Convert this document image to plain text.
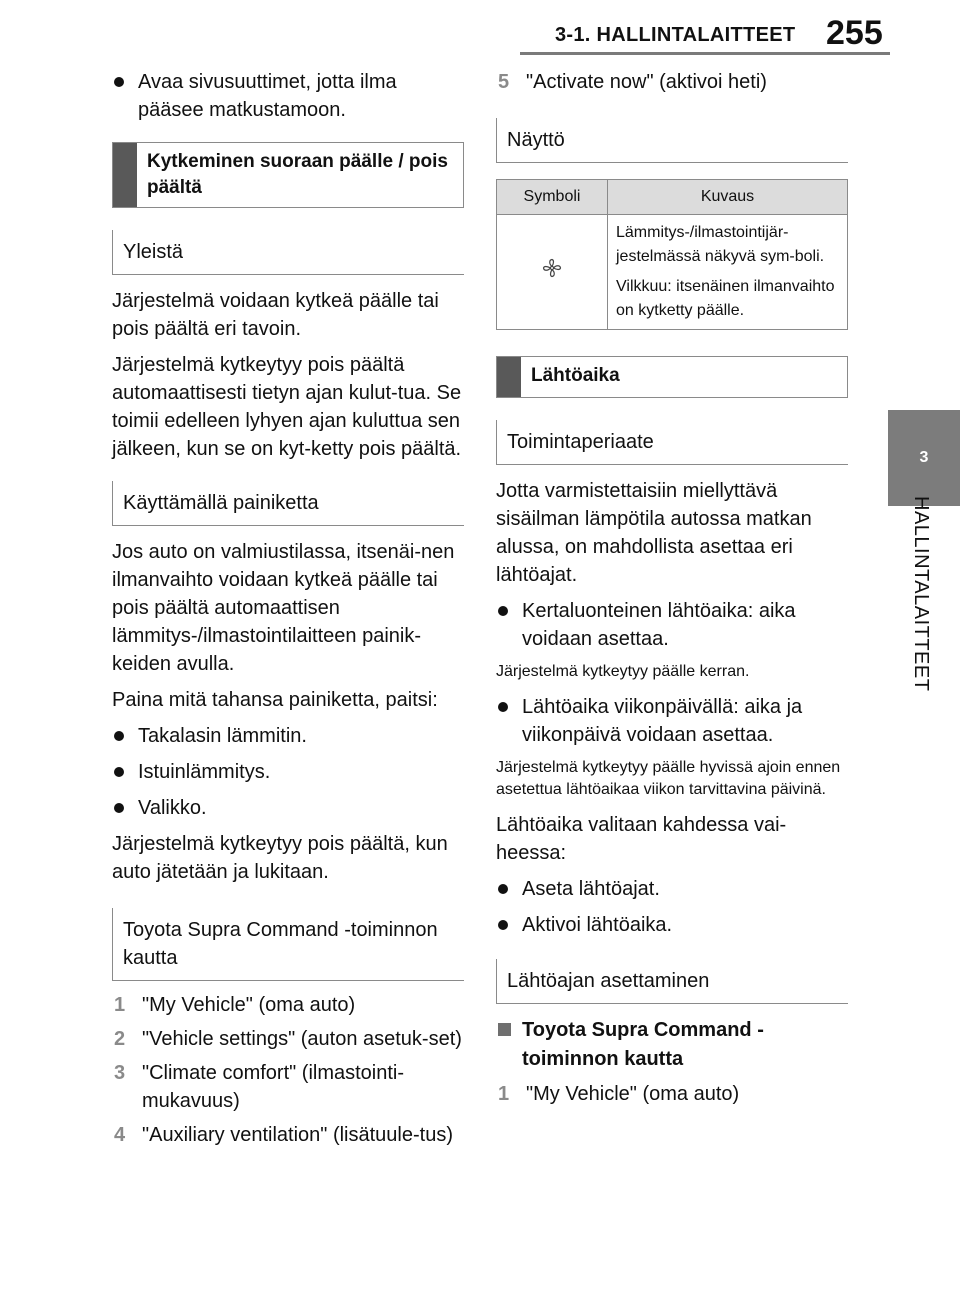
3-1. HALLINTALAITTEET 255
3
HALLINTALAITTEET
Avaa sivusuuttimet, jotta ilma pääsee matkustamoon.
Kytkeminen suoraan päälle / pois päältä
Yleistä

Järjestelmä voidaan kytkeä päälle tai pois päältä eri tavoin.

Järjestelmä kytkeytyy pois päältä automaattisesti tietyn ajan kulut-tua. Se toimii edelleen lyhyen ajan kuluttua sen jälkeen, kun se on kyt-ketty pois päältä.

Käyttämällä painiketta

Jos auto on valmiustilassa, itsenäi-nen ilmanvaihto voidaan kytkeä päälle tai pois päältä automaattisen lämmitys-/ilmastointilaitteen painik-keiden avulla.

Paina mitä tahansa painiketta, paitsi:

Takalasin lämmitin.
Istuinlämmitys.
Valikko.

Järjestelmä kytkeytyy pois päältä, kun auto jätetään ja lukitaan.

Toyota Supra Command -toiminnon kautta
1 "My Vehicle" (oma auto)
2 "Vehicle settings" (auton asetuk-set)
3 "Climate comfort" (ilmastointi-mukavuus)
4 "Auxiliary ventilation" (lisätuule-tus)
5 "Activate now" (aktivoi heti)
Näyttö
Symboli	Kuvaus

Lämmitys-/ilmastointijär-jestelmässä näkyvä sym-boli.
Vilkkuu: itsenäinen ilmanvaihto on kytketty päälle.
Lähtöaika
Toimintaperiaate

Jotta varmistettaisiin miellyttävä sisäilman lämpötila autossa matkan alussa, on mahdollista asettaa eri lähtöajat.

Kertaluonteinen lähtöaika: aika voidaan asettaa.

Järjestelmä kytkeytyy päälle kerran.

Lähtöaika viikonpäivällä: aika ja viikonpäivä voidaan asettaa.

Järjestelmä kytkeytyy päälle hyvissä ajoin ennen asetettua lähtöaikaa viikon tarvittavina päivinä.

Lähtöaika valitaan kahdessa vai-heessa:

Aseta lähtöajat.
Aktivoi lähtöaika.
Lähtöajan asettaminen
Toyota Supra Command -toiminnon kautta
1 "My Vehicle" (oma auto)
